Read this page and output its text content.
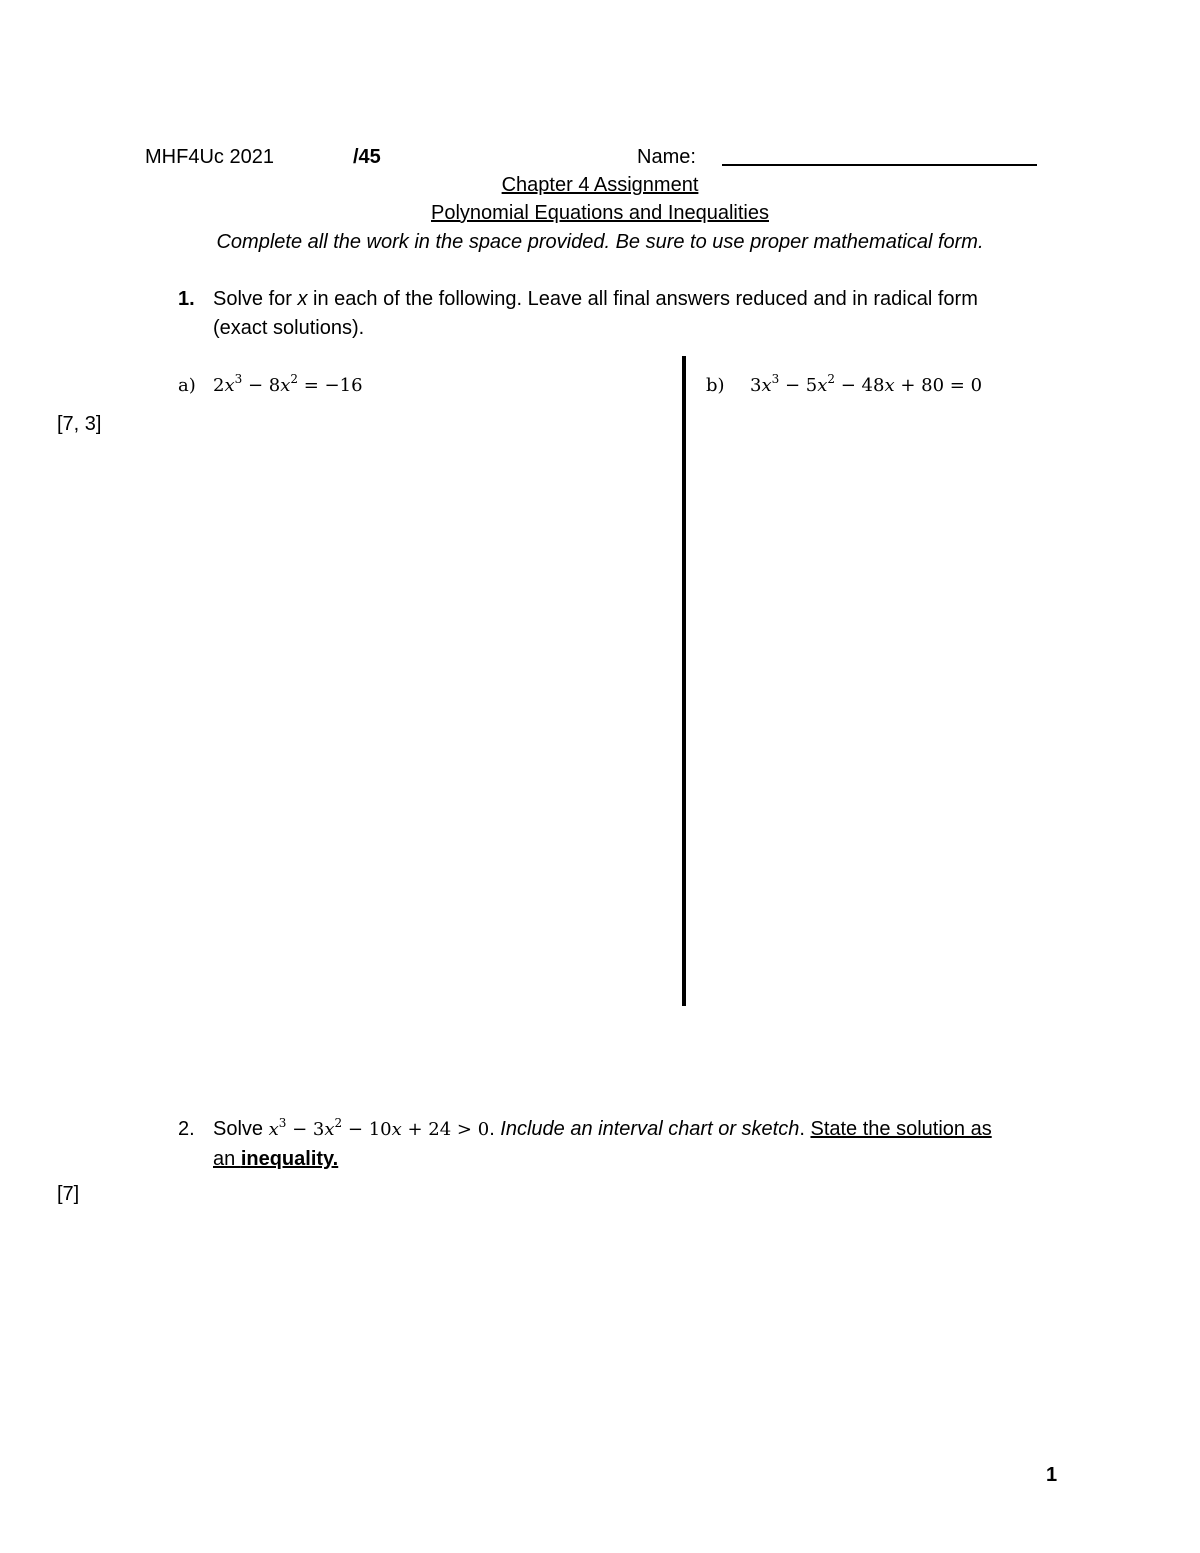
MHF4Uc 2021	/45	Name:
Chapter 4 Assignment
Polynomial Equations and Inequalities
Complete all the work in the space provided. Be sure to use proper mathematical form.
1. Solve for x in each of the following. Leave all final answers reduced and in radical form
(exact solutions).
[7, 3]
a) $2x^3 - 8x^2 = -16$	b) $3x^3 - 5x^2 - 48x + 80 = 0$
2. Solve $x^3 - 3x^2 - 10x + 24 > 0$. Include an interval chart or sketch. State the solution as
an inequality.
[7]
1
